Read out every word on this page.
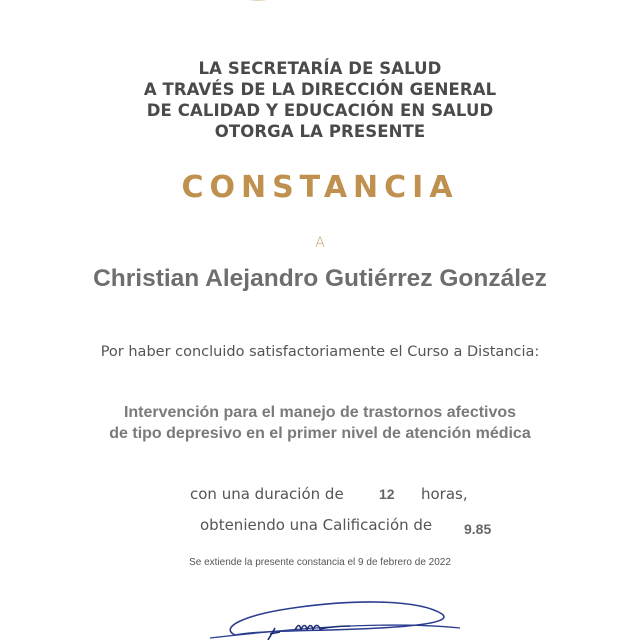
LA SECRETARÍA DE SALUD
A TRAVÉS DE LA DIRECCIÓN GENERAL
DE CALIDAD Y EDUCACIÓN EN SALUD
OTORGA LA PRESENTE
CONSTANCIA
A
Christian Alejandro Gutiérrez González
Por haber concluido satisfactoriamente el Curso a Distancia:
Intervención para el manejo de trastornos afectivos
de tipo depresivo en el primer nivel de atención médica
con una duración de	12 horas,
obteniendo una Calificación de 9.85
Se extiende la presente constancia el 9 de febrero de 2022
